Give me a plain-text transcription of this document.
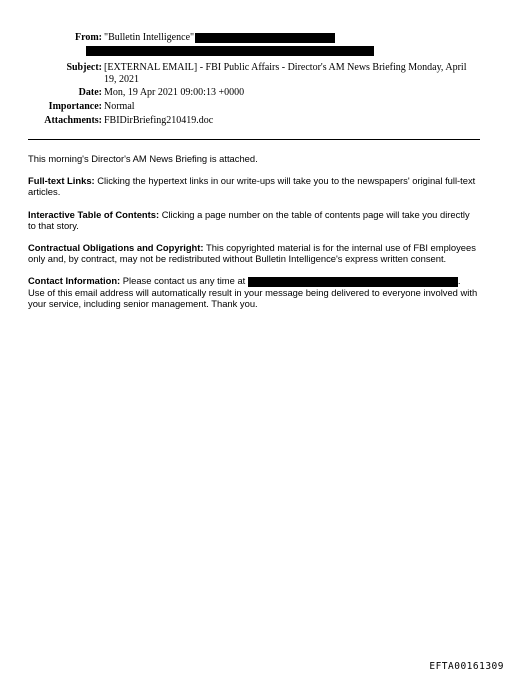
From: "Bulletin Intelligence"
Subject: [EXTERNAL EMAIL] - FBI Public Affairs - Director's AM News Briefing Monday, April 19, 2021
Date: Mon, 19 Apr 2021 09:00:13 +0000
Importance: Normal
Attachments: FBIDirBriefing210419.doc

This morning's Director's AM News Briefing is attached.

Full-text Links: Clicking the hypertext links in our write-ups will take you to the newspapers' original full-text articles.

Interactive Table of Contents: Clicking a page number on the table of contents page will take you directly to that story.

Contractual Obligations and Copyright: This copyrighted material is for the internal use of FBI employees only and, by contract, may not be redistributed without Bulletin Intelligence's express written consent.

Contact Information: Please contact us any time at	.
Use of this email address will automatically result in your message being delivered to everyone involved with your service, including senior management. Thank you.

EFTA00161309
